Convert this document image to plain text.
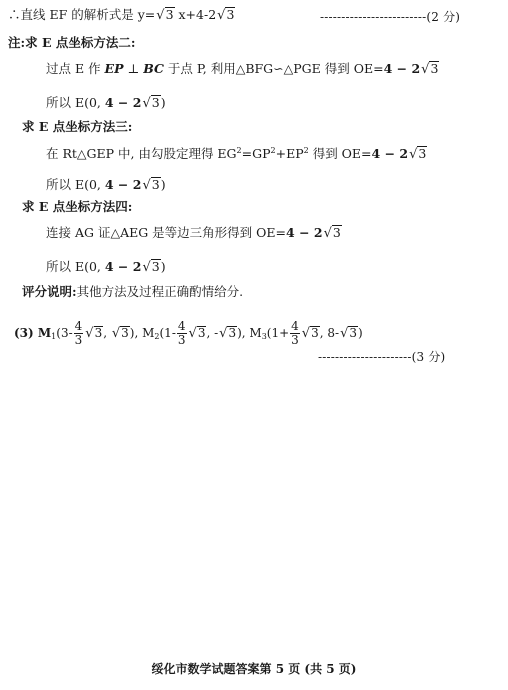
∴直线 EF 的解析式是 y=√3 x+4-2√3	-------------------------(2 分)
注:求 E 点坐标方法二:
过点 E 作 EP ⊥ BC 于点 P, 利用△BFG∽△PGE 得到 OE=4 − 2√3
所以 E(0, 4 − 2√3)
求 E 点坐标方法三:
在 Rt△GEP 中, 由勾股定理得 $EG^2=GP^2+EP^2$ 得到 OE=4 − 2√3
所以 E(0, 4 − 2√3)
求 E 点坐标方法四:
连接 AG 证△AEG 是等边三角形得到 OE=4 − 2√3
所以 E(0, 4 − 2√3)
评分说明:其他方法及过程正确酌情给分.
(3) $M_1(3- \frac{4}{3} √3$, √3), $M_2(1- \frac{4}{3} √3$, -√3), $M_3(1+ \frac{4}{3} √3$, 8-√3)
----------------------(3 分)
绥化市数学试题答案第 5 页 (共 5 页)
